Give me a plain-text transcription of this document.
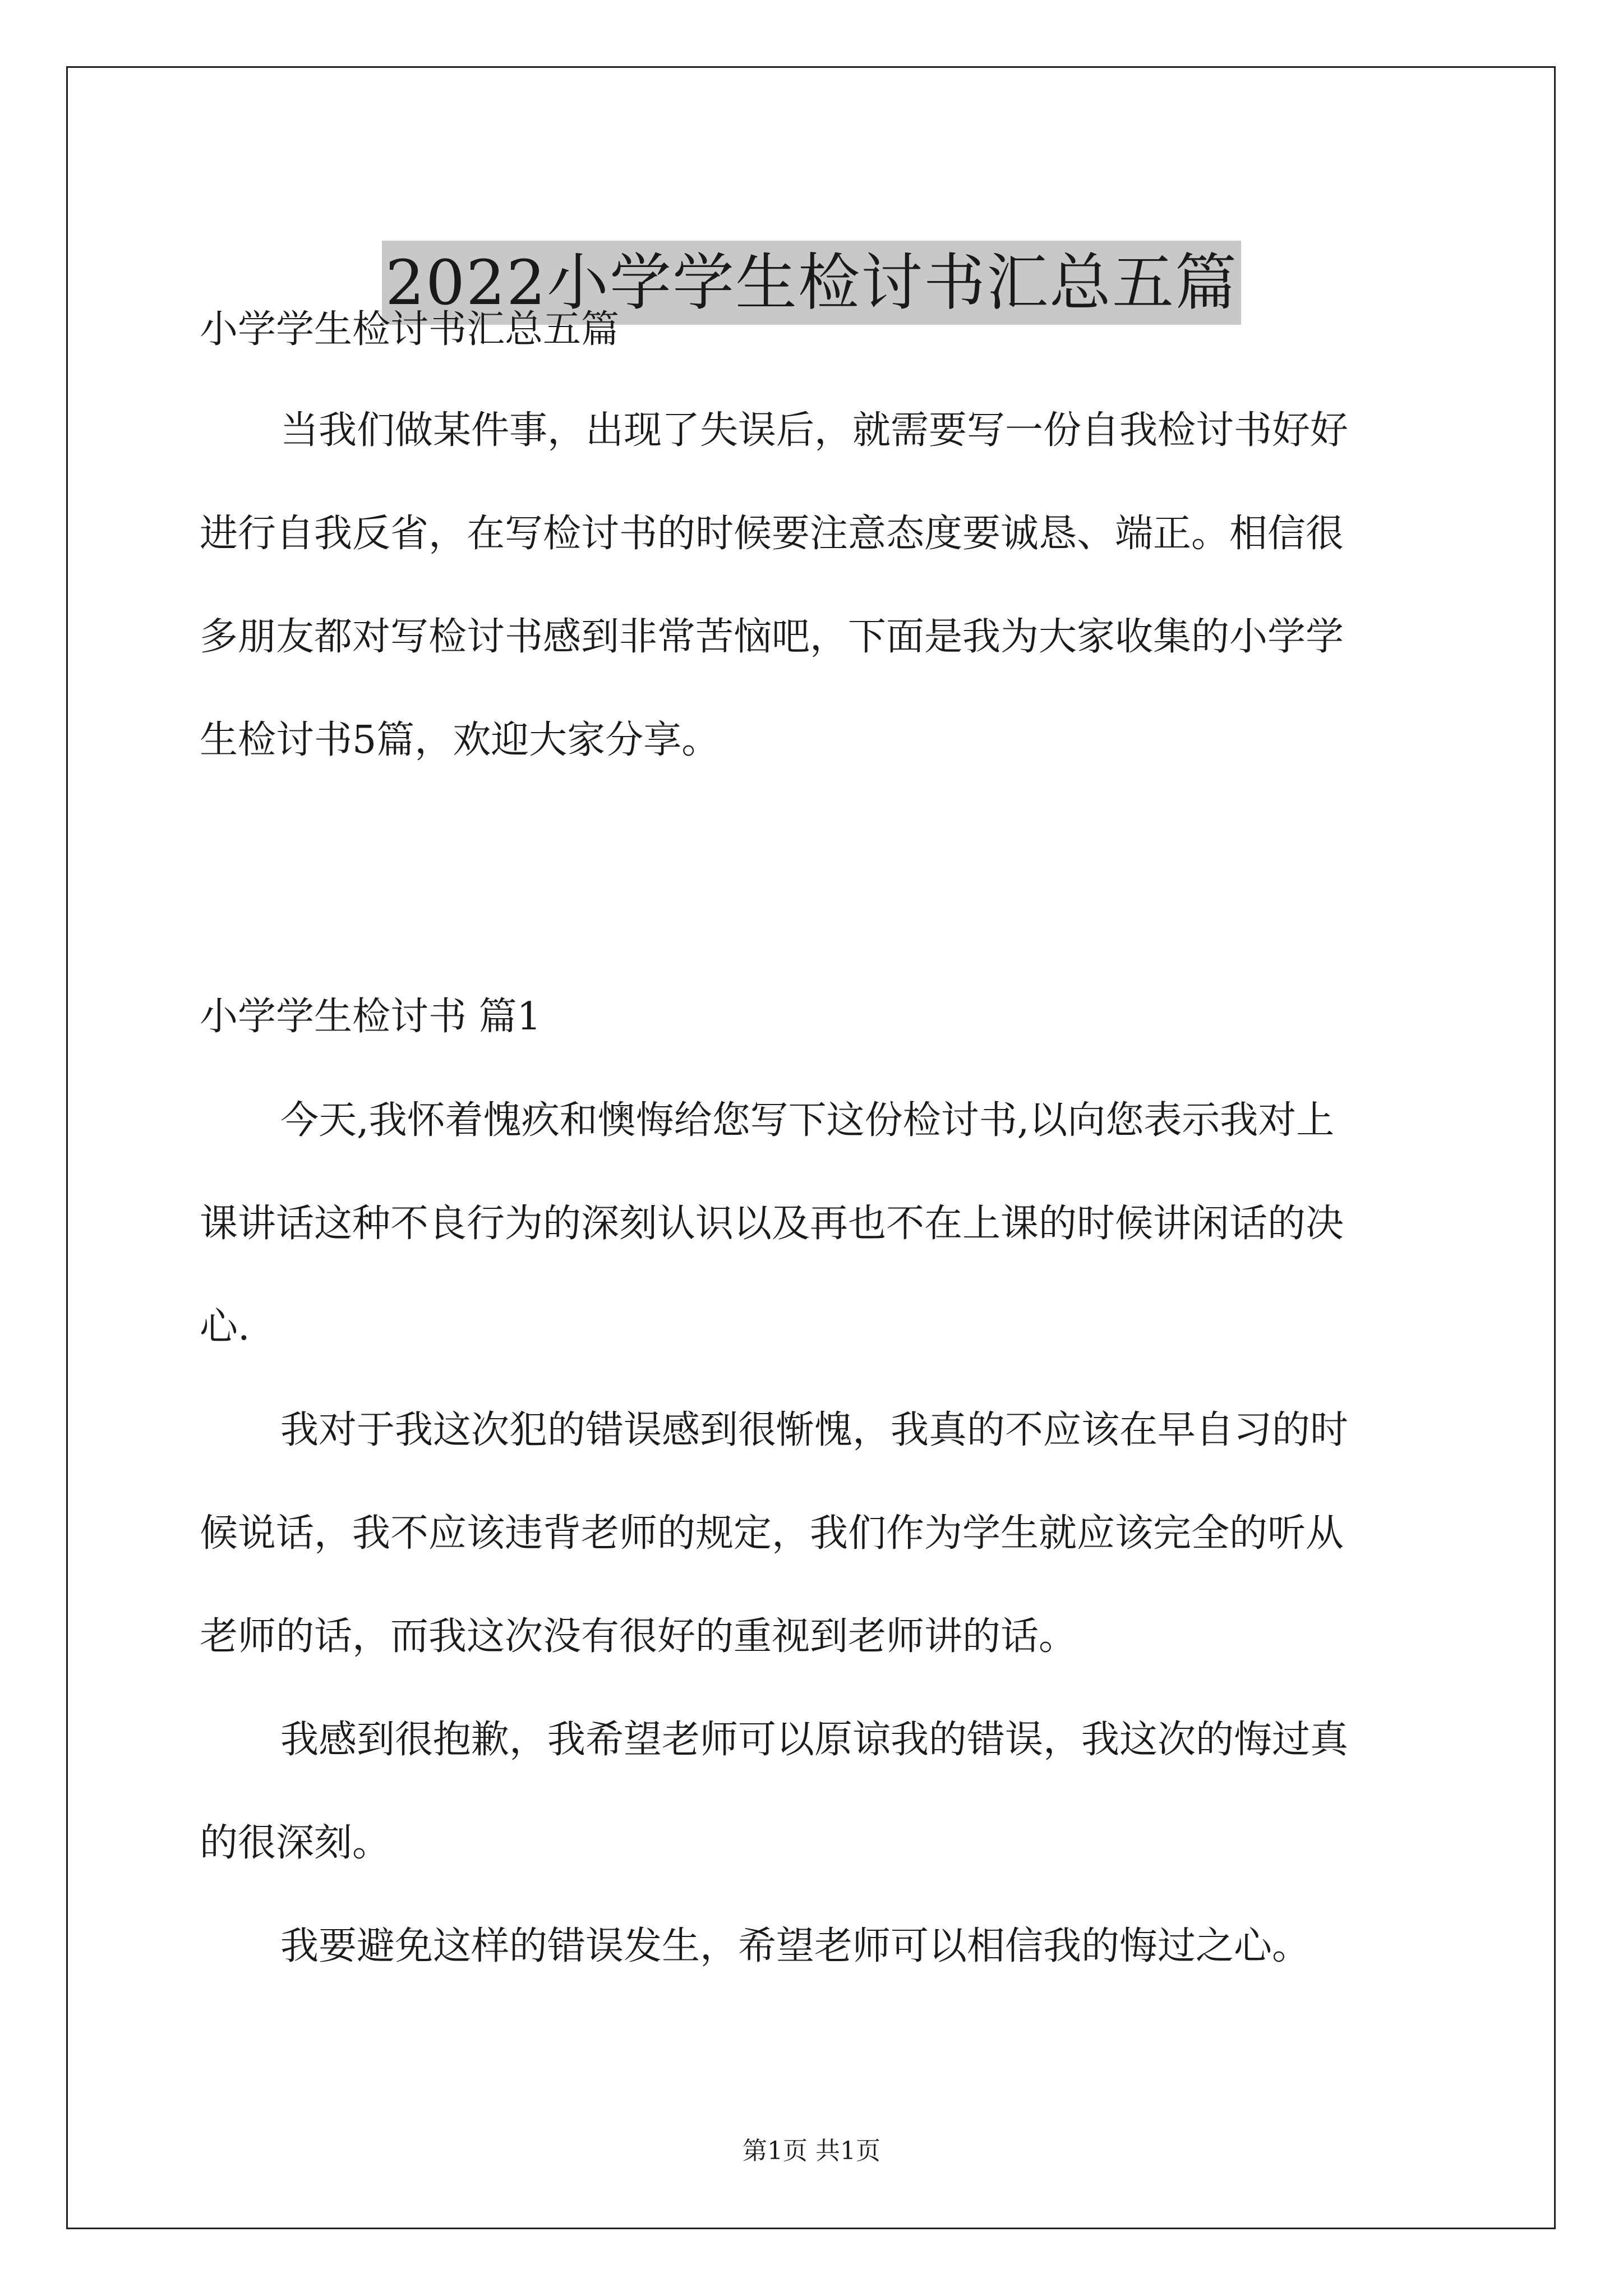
2022小学学生检讨书汇总五篇

小学学生检讨书汇总五篇

当我们做某件事，出现了失误后，就需要写一份自我检讨书好好

进行自我反省，在写检讨书的时候要注意态度要诚恳、端正。相信很

多朋友都对写检讨书感到非常苦恼吧，下面是我为大家收集的小学学

生检讨书5篇，欢迎大家分享。

小学学生检讨书 篇1

今天,我怀着愧疚和懊悔给您写下这份检讨书,以向您表示我对上

课讲话这种不良行为的深刻认识以及再也不在上课的时候讲闲话的决

心.

我对于我这次犯的错误感到很惭愧，我真的不应该在早自习的时

候说话，我不应该违背老师的规定，我们作为学生就应该完全的听从

老师的话，而我这次没有很好的重视到老师讲的话。

我感到很抱歉，我希望老师可以原谅我的错误，我这次的悔过真

的很深刻。

我要避免这样的错误发生，希望老师可以相信我的悔过之心。

第1页 共1页
